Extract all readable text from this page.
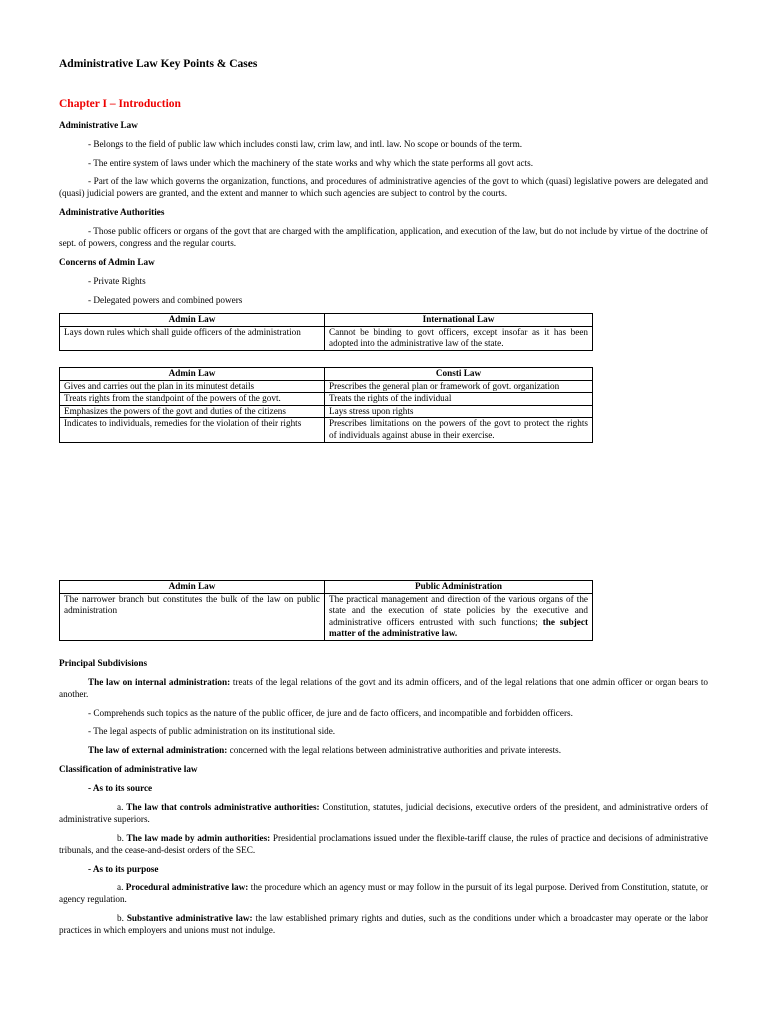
Administrative Law Key Points & Cases
Chapter I – Introduction
Administrative Law
- Belongs to the field of public law which includes consti law, crim law, and intl. law. No scope or bounds of the term.
- The entire system of laws under which the machinery of the state works and why which the state performs all govt acts.
- Part of the law which governs the organization, functions, and procedures of administrative agencies of the govt to which (quasi) legislative powers are delegated and (quasi) judicial powers are granted, and the extent and manner to which such agencies are subject to control by the courts.
Administrative Authorities
- Those public officers or organs of the govt that are charged with the amplification, application, and execution of the law, but do not include by virtue of the doctrine of sept. of powers, congress and the regular courts.
Concerns of Admin Law
- Private Rights
- Delegated powers and combined powers
Admin Law	International Law
Lays down rules which shall guide officers of the administration	Cannot be binding to govt officers, except insofar as it has been adopted into the administrative law of the state.
Admin Law	Consti Law
Gives and carries out the plan in its minutest details	Prescribes the general plan or framework of govt. organization
Treats rights from the standpoint of the powers of the govt.	Treats the rights of the individual
Emphasizes the powers of the govt and duties of the citizens	Lays stress upon rights
Indicates to individuals, remedies for the violation of their rights	Prescribes limitations on the powers of the govt to protect the rights of individuals against abuse in their exercise.
Admin Law	Public Administration
The narrower branch but constitutes the bulk of the law on public administration	The practical management and direction of the various organs of the state and the execution of state policies by the executive and administrative officers entrusted with such functions; the subject matter of the administrative law.
Principal Subdivisions
The law on internal administration: treats of the legal relations of the govt and its admin officers, and of the legal relations that one admin officer or organ bears to another.
- Comprehends such topics as the nature of the public officer, de jure and de facto officers, and incompatible and forbidden officers.
- The legal aspects of public administration on its institutional side.
The law of external administration: concerned with the legal relations between administrative authorities and private interests.
Classification of administrative law
- As to its source
a. The law that controls administrative authorities: Constitution, statutes, judicial decisions, executive orders of the president, and administrative orders of administrative superiors.
b. The law made by admin authorities: Presidential proclamations issued under the flexible-tariff clause, the rules of practice and decisions of administrative tribunals, and the cease-and-desist orders of the SEC.
- As to its purpose
a. Procedural administrative law: the procedure which an agency must or may follow in the pursuit of its legal purpose. Derived from Constitution, statute, or agency regulation.
b. Substantive administrative law: the law established primary rights and duties, such as the conditions under which a broadcaster may operate or the labor practices in which employers and unions must not indulge.
